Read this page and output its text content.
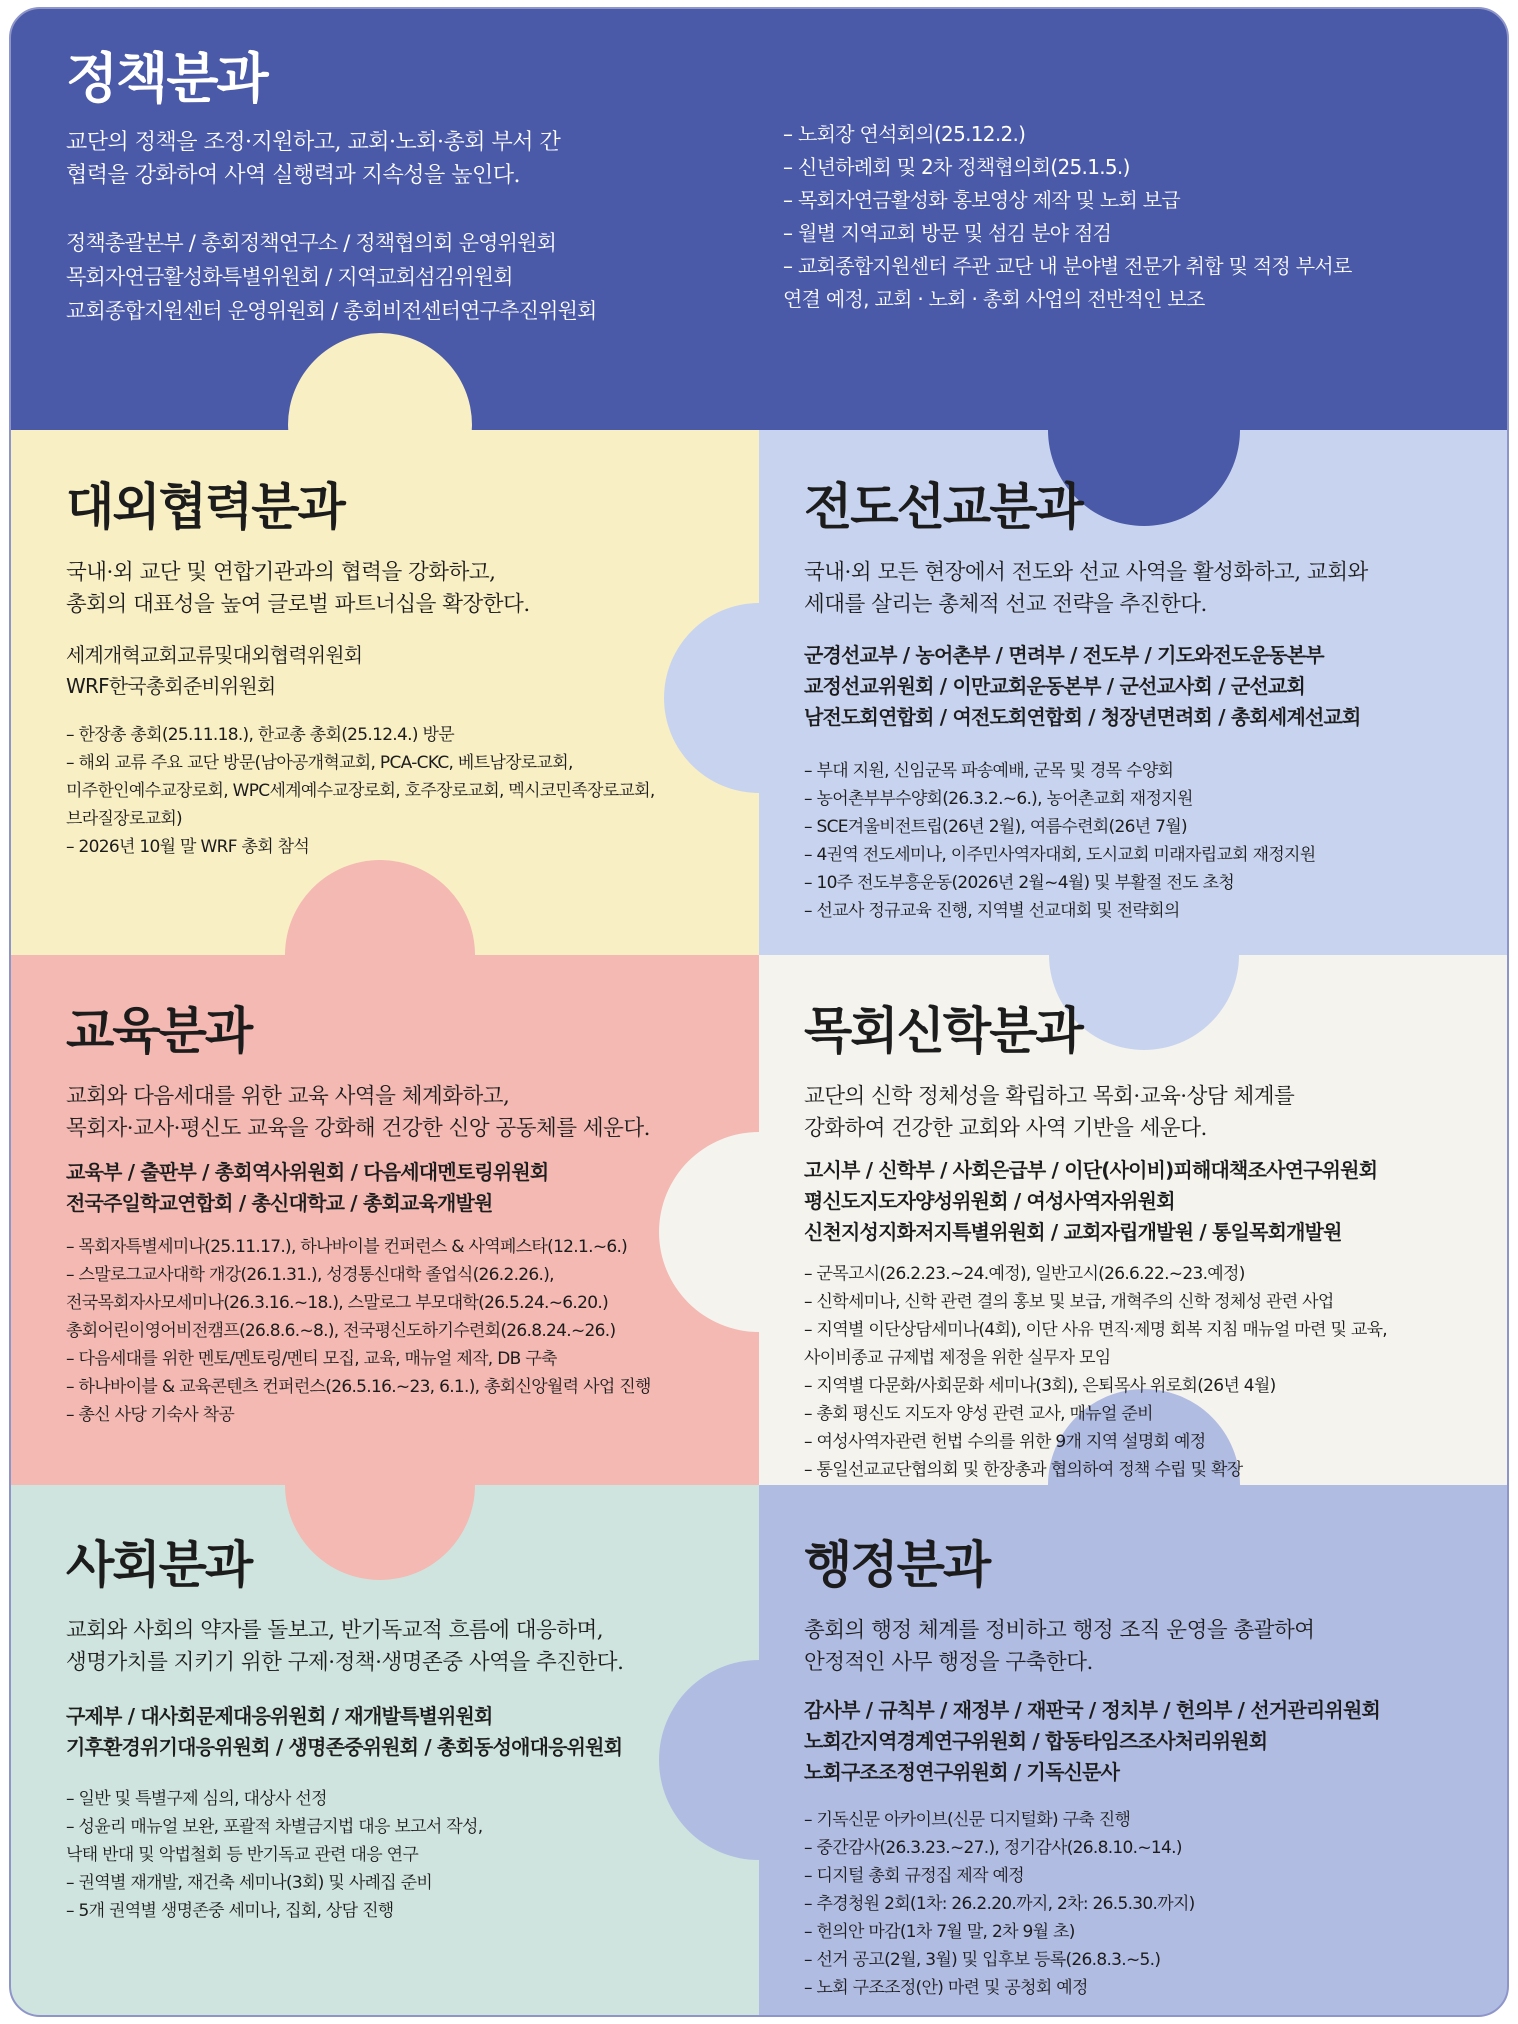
정책분과
교단의 정책을 조정·지원하고, 교회·노회·총회 부서 간
협력을 강화하여 사역 실행력과 지속성을 높인다.
정책총괄본부 / 총회정책연구소 / 정책협의회 운영위원회
목회자연금활성화특별위원회 / 지역교회섬김위원회
교회종합지원센터 운영위원회 / 총회비전센터연구추진위원회
– 노회장 연석회의(25.12.2.)
– 신년하례회 및 2차 정책협의회(25.1.5.)
– 목회자연금활성화 홍보영상 제작 및 노회 보급
– 월별 지역교회 방문 및 섬김 분야 점검
– 교회종합지원센터 주관 교단 내 분야별 전문가 취합 및 적정 부서로
연결 예정, 교회 · 노회 · 총회 사업의 전반적인 보조
대외협력분과
국내·외 교단 및 연합기관과의 협력을 강화하고,
총회의 대표성을 높여 글로벌 파트너십을 확장한다.
세계개혁교회교류및대외협력위원회
WRF한국총회준비위원회
– 한장총 총회(25.11.18.), 한교총 총회(25.12.4.) 방문
– 해외 교류 주요 교단 방문(남아공개혁교회, PCA-CKC, 베트남장로교회,
미주한인예수교장로회, WPC세계예수교장로회, 호주장로교회, 멕시코민족장로교회,
브라질장로교회)
– 2026년 10월 말 WRF 총회 참석
전도선교분과
국내·외 모든 현장에서 전도와 선교 사역을 활성화하고, 교회와
세대를 살리는 총체적 선교 전략을 추진한다.
군경선교부 / 농어촌부 / 면려부 / 전도부 / 기도와전도운동본부
교정선교위원회 / 이만교회운동본부 / 군선교사회 / 군선교회
남전도회연합회 / 여전도회연합회 / 청장년면려회 / 총회세계선교회
– 부대 지원, 신임군목 파송예배, 군목 및 경목 수양회
– 농어촌부부수양회(26.3.2.~6.), 농어촌교회 재정지원
– SCE겨울비전트립(26년 2월), 여름수련회(26년 7월)
– 4권역 전도세미나, 이주민사역자대회, 도시교회 미래자립교회 재정지원
– 10주 전도부흥운동(2026년 2월~4월) 및 부활절 전도 초청
– 선교사 정규교육 진행, 지역별 선교대회 및 전략회의
교육분과
교회와 다음세대를 위한 교육 사역을 체계화하고,
목회자·교사·평신도 교육을 강화해 건강한 신앙 공동체를 세운다.
교육부 / 출판부 / 총회역사위원회 / 다음세대멘토링위원회
전국주일학교연합회 / 총신대학교 / 총회교육개발원
– 목회자특별세미나(25.11.17.), 하나바이블 컨퍼런스 & 사역페스타(12.1.~6.)
– 스말로그교사대학 개강(26.1.31.), 성경통신대학 졸업식(26.2.26.),
전국목회자사모세미나(26.3.16.~18.), 스말로그 부모대학(26.5.24.~6.20.)
총회어린이영어비전캠프(26.8.6.~8.), 전국평신도하기수련회(26.8.24.~26.)
– 다음세대를 위한 멘토/멘토링/멘티 모집, 교육, 매뉴얼 제작, DB 구축
– 하나바이블 & 교육콘텐츠 컨퍼런스(26.5.16.~23, 6.1.), 총회신앙월력 사업 진행
– 총신 사당 기숙사 착공
목회신학분과
교단의 신학 정체성을 확립하고 목회·교육·상담 체계를
강화하여 건강한 교회와 사역 기반을 세운다.
고시부 / 신학부 / 사회은급부 / 이단(사이비)피해대책조사연구위원회
평신도지도자양성위원회 / 여성사역자위원회
신천지성지화저지특별위원회 / 교회자립개발원 / 통일목회개발원
– 군목고시(26.2.23.~24.예정), 일반고시(26.6.22.~23.예정)
– 신학세미나, 신학 관련 결의 홍보 및 보급, 개혁주의 신학 정체성 관련 사업
– 지역별 이단상담세미나(4회), 이단 사유 면직·제명 회복 지침 매뉴얼 마련 및 교육,
사이비종교 규제법 제정을 위한 실무자 모임
– 지역별 다문화/사회문화 세미나(3회), 은퇴목사 위로회(26년 4월)
– 총회 평신도 지도자 양성 관련 교사, 매뉴얼 준비
– 여성사역자관련 헌법 수의를 위한 9개 지역 설명회 예정
– 통일선교교단협의회 및 한장총과 협의하여 정책 수립 및 확장
사회분과
교회와 사회의 약자를 돌보고, 반기독교적 흐름에 대응하며,
생명가치를 지키기 위한 구제·정책·생명존중 사역을 추진한다.
구제부 / 대사회문제대응위원회 / 재개발특별위원회
기후환경위기대응위원회 / 생명존중위원회 / 총회동성애대응위원회
– 일반 및 특별구제 심의, 대상사 선정
– 성윤리 매뉴얼 보완, 포괄적 차별금지법 대응 보고서 작성,
낙태 반대 및 악법철회 등 반기독교 관련 대응 연구
– 권역별 재개발, 재건축 세미나(3회) 및 사례집 준비
– 5개 권역별 생명존중 세미나, 집회, 상담 진행
행정분과
총회의 행정 체계를 정비하고 행정 조직 운영을 총괄하여
안정적인 사무 행정을 구축한다.
감사부 / 규칙부 / 재정부 / 재판국 / 정치부 / 헌의부 / 선거관리위원회
노회간지역경계연구위원회 / 합동타임즈조사처리위원회
노회구조조정연구위원회 / 기독신문사
– 기독신문 아카이브(신문 디지털화) 구축 진행
– 중간감사(26.3.23.~27.), 정기감사(26.8.10.~14.)
– 디지털 총회 규정집 제작 예정
– 추경청원 2회(1차: 26.2.20.까지, 2차: 26.5.30.까지)
– 헌의안 마감(1차 7월 말, 2차 9월 초)
– 선거 공고(2월, 3월) 및 입후보 등록(26.8.3.~5.)
– 노회 구조조정(안) 마련 및 공청회 예정
